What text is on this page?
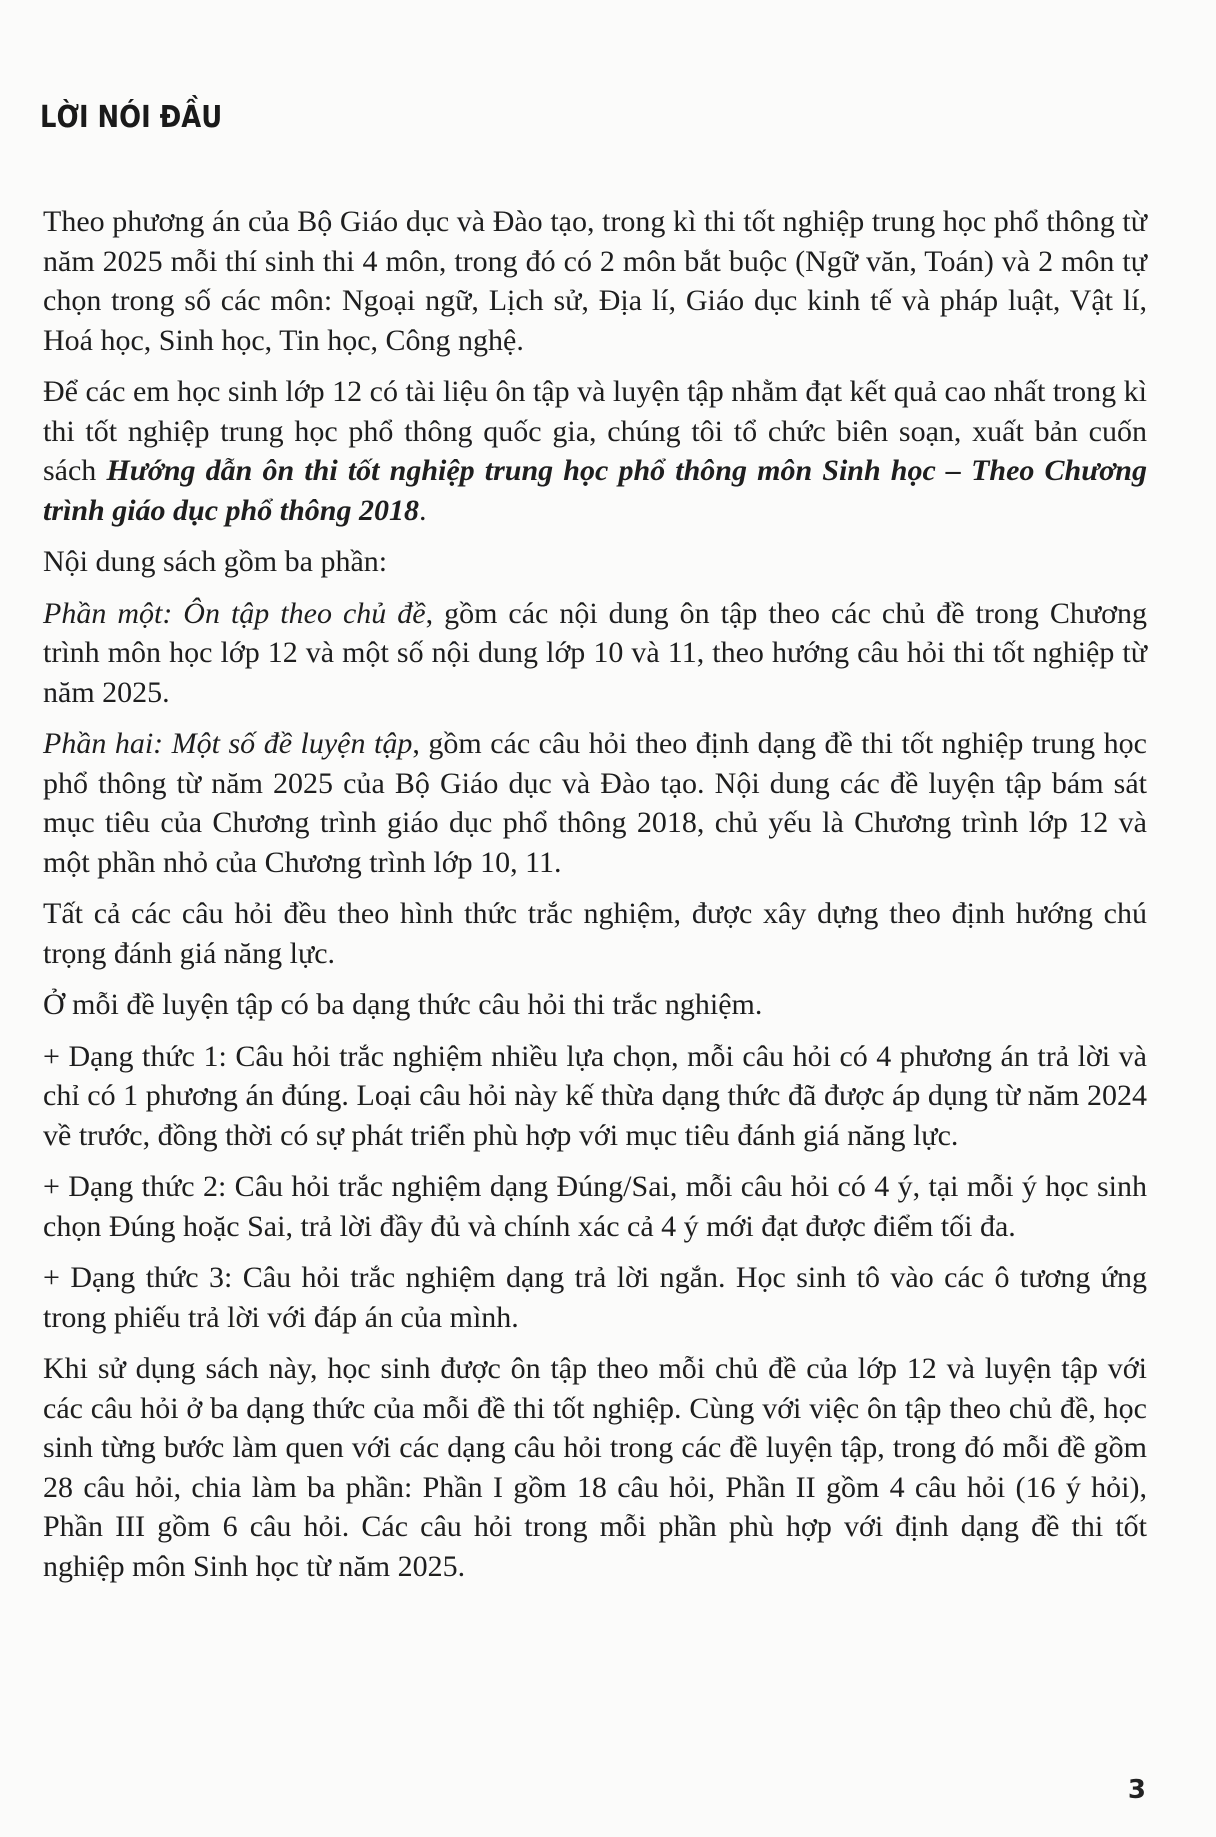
LỜI NÓI ĐẦU

Theo phương án của Bộ Giáo dục và Đào tạo, trong kì thi tốt nghiệp trung học phổ thông từ năm 2025 mỗi thí sinh thi 4 môn, trong đó có 2 môn bắt buộc (Ngữ văn, Toán) và 2 môn tự chọn trong số các môn: Ngoại ngữ, Lịch sử, Địa lí, Giáo dục kinh tế và pháp luật, Vật lí, Hoá học, Sinh học, Tin học, Công nghệ.

Để các em học sinh lớp 12 có tài liệu ôn tập và luyện tập nhằm đạt kết quả cao nhất trong kì thi tốt nghiệp trung học phổ thông quốc gia, chúng tôi tổ chức biên soạn, xuất bản cuốn sách Hướng dẫn ôn thi tốt nghiệp trung học phổ thông môn Sinh học – Theo Chương trình giáo dục phổ thông 2018.

Nội dung sách gồm ba phần:

Phần một: Ôn tập theo chủ đề, gồm các nội dung ôn tập theo các chủ đề trong Chương trình môn học lớp 12 và một số nội dung lớp 10 và 11, theo hướng câu hỏi thi tốt nghiệp từ năm 2025.

Phần hai: Một số đề luyện tập, gồm các câu hỏi theo định dạng đề thi tốt nghiệp trung học phổ thông từ năm 2025 của Bộ Giáo dục và Đào tạo. Nội dung các đề luyện tập bám sát mục tiêu của Chương trình giáo dục phổ thông 2018, chủ yếu là Chương trình lớp 12 và một phần nhỏ của Chương trình lớp 10, 11.

Tất cả các câu hỏi đều theo hình thức trắc nghiệm, được xây dựng theo định hướng chú trọng đánh giá năng lực.

Ở mỗi đề luyện tập có ba dạng thức câu hỏi thi trắc nghiệm.

+ Dạng thức 1: Câu hỏi trắc nghiệm nhiều lựa chọn, mỗi câu hỏi có 4 phương án trả lời và chỉ có 1 phương án đúng. Loại câu hỏi này kế thừa dạng thức đã được áp dụng từ năm 2024 về trước, đồng thời có sự phát triển phù hợp với mục tiêu đánh giá năng lực.

+ Dạng thức 2: Câu hỏi trắc nghiệm dạng Đúng/Sai, mỗi câu hỏi có 4 ý, tại mỗi ý học sinh chọn Đúng hoặc Sai, trả lời đầy đủ và chính xác cả 4 ý mới đạt được điểm tối đa.

+ Dạng thức 3: Câu hỏi trắc nghiệm dạng trả lời ngắn. Học sinh tô vào các ô tương ứng trong phiếu trả lời với đáp án của mình.

Khi sử dụng sách này, học sinh được ôn tập theo mỗi chủ đề của lớp 12 và luyện tập với các câu hỏi ở ba dạng thức của mỗi đề thi tốt nghiệp. Cùng với việc ôn tập theo chủ đề, học sinh từng bước làm quen với các dạng câu hỏi trong các đề luyện tập, trong đó mỗi đề gồm 28 câu hỏi, chia làm ba phần: Phần I gồm 18 câu hỏi, Phần II gồm 4 câu hỏi (16 ý hỏi), Phần III gồm 6 câu hỏi. Các câu hỏi trong mỗi phần phù hợp với định dạng đề thi tốt nghiệp môn Sinh học từ năm 2025.

3
